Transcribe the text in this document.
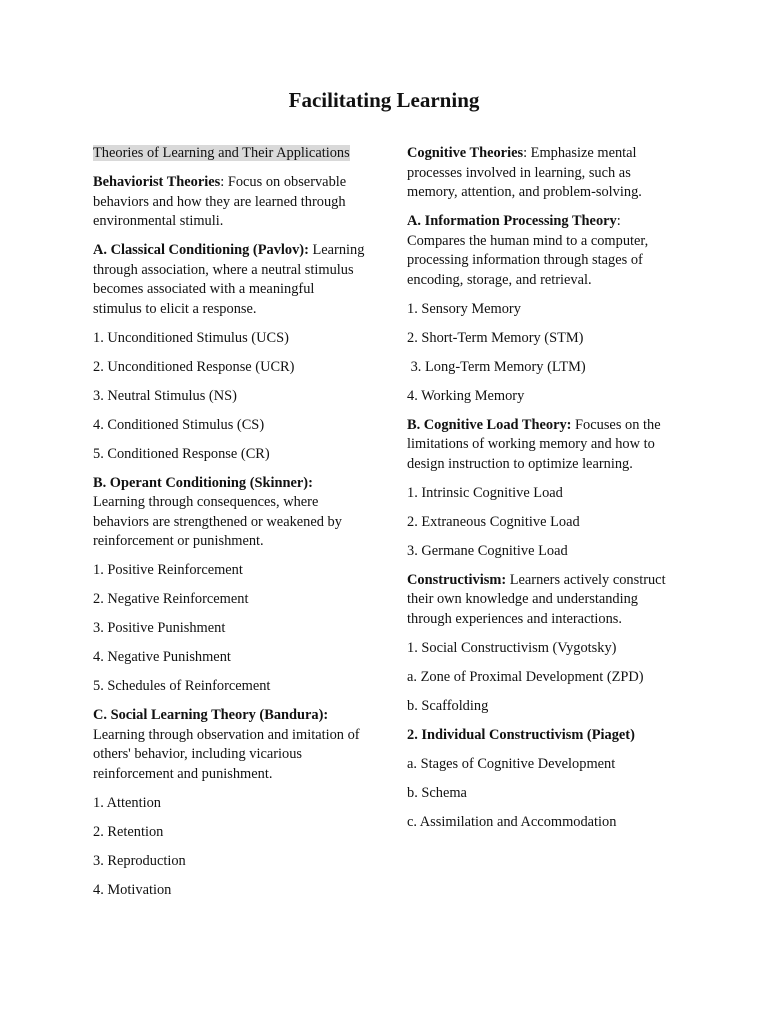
Facilitating Learning

Theories of Learning and Their Applications

Behaviorist Theories: Focus on observable behaviors and how they are learned through environmental stimuli.

A. Classical Conditioning (Pavlov): Learning through association, where a neutral stimulus becomes associated with a meaningful stimulus to elicit a response.

1. Unconditioned Stimulus (UCS)

2. Unconditioned Response (UCR)

3. Neutral Stimulus (NS)

4. Conditioned Stimulus (CS)

5. Conditioned Response (CR)

B. Operant Conditioning (Skinner): Learning through consequences, where behaviors are strengthened or weakened by reinforcement or punishment.

1. Positive Reinforcement

2. Negative Reinforcement

3. Positive Punishment

4. Negative Punishment

5. Schedules of Reinforcement

C. Social Learning Theory (Bandura): Learning through observation and imitation of others' behavior, including vicarious reinforcement and punishment.

1. Attention

2. Retention

3. Reproduction

4. Motivation

Cognitive Theories: Emphasize mental processes involved in learning, such as memory, attention, and problem-solving.

A. Information Processing Theory: Compares the human mind to a computer, processing information through stages of encoding, storage, and retrieval.

1. Sensory Memory

2. Short-Term Memory (STM)

3. Long-Term Memory (LTM)

4. Working Memory

B. Cognitive Load Theory: Focuses on the limitations of working memory and how to design instruction to optimize learning.

1. Intrinsic Cognitive Load

2. Extraneous Cognitive Load

3. Germane Cognitive Load

Constructivism: Learners actively construct their own knowledge and understanding through experiences and interactions.

1. Social Constructivism (Vygotsky)

a. Zone of Proximal Development (ZPD)

b. Scaffolding

2. Individual Constructivism (Piaget)

a. Stages of Cognitive Development

b. Schema

c. Assimilation and Accommodation
